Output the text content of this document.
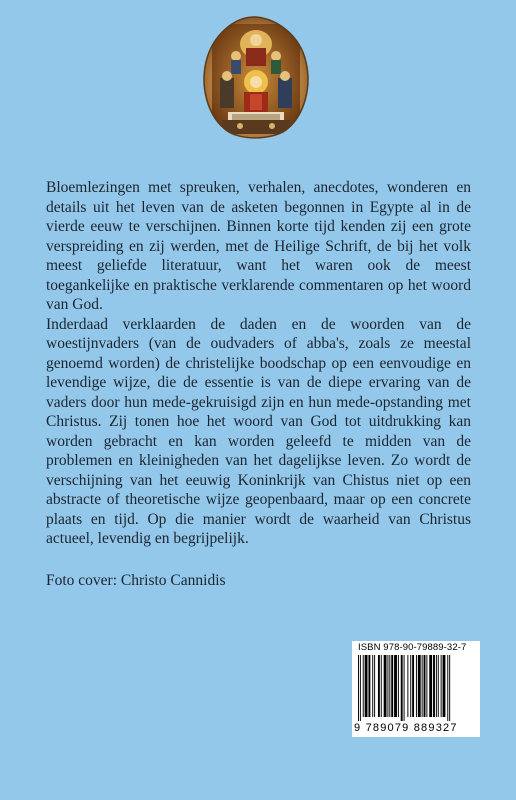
Bloemlezingen met spreuken, verhalen, anecdotes, wonderen en details uit het leven van de asketen begonnen in Egypte al in de vierde eeuw te verschijnen. Binnen korte tijd kenden zij een grote verspreiding en zij werden, met de Heilige Schrift, de bij het volk meest geliefde literatuur, want het waren ook de meest toegankelijke en praktische verklarende commentaren op het woord van God.

Inderdaad verklaarden de daden en de woorden van de woestijnvaders (van de oudvaders of abba's, zoals ze meestal genoemd worden) de christelijke boodschap op een eenvoudige en levendige wijze, die de essentie is van de diepe ervaring van de vaders door hun mede-gekruisigd zijn en hun mede-opstanding met Christus. Zij tonen hoe het woord van God tot uitdrukking kan worden gebracht en kan worden geleefd te midden van de problemen en kleinigheden van het dagelijkse leven. Zo wordt de verschijning van het eeuwig Koninkrijk van Chistus niet op een abstracte of theoretische wijze geopenbaard, maar op een concrete plaats en tijd. Op die manier wordt de waarheid van Christus actueel, levendig en begrijpelijk.

Foto cover: Christo Cannidis

ISBN 978-90-79889-32-7

9 789079 889327
